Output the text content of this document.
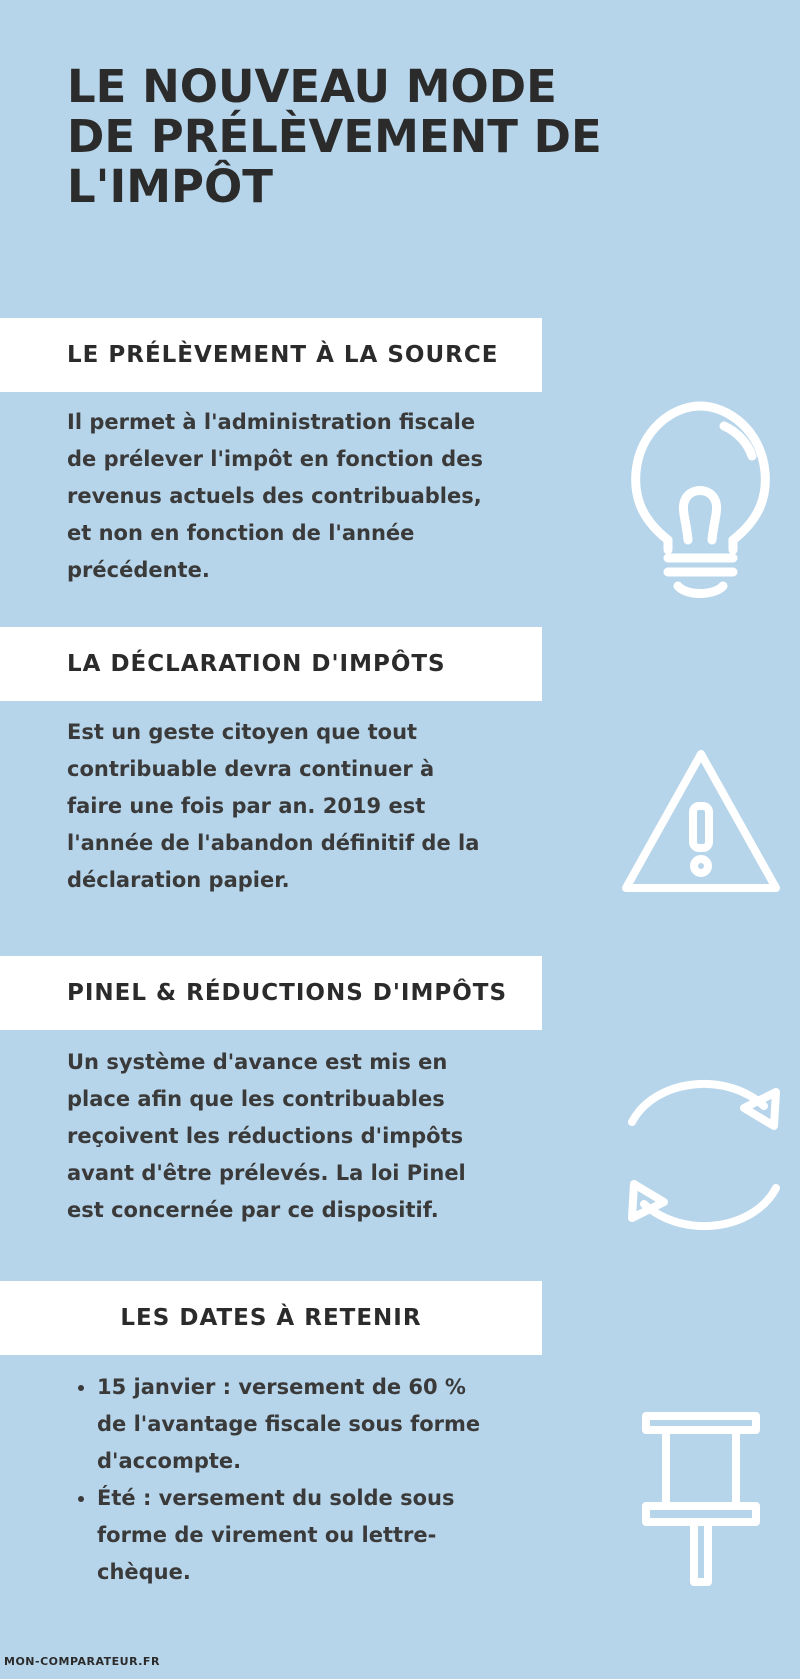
LE NOUVEAU MODE
DE PRÉLÈVEMENT DE
L'IMPÔT
LE PRÉLÈVEMENT À LA SOURCE
Il permet à l'administration fiscale
de prélever l'impôt en fonction des
revenus actuels des contribuables,
et non en fonction de l'année
précédente.
LA DÉCLARATION D'IMPÔTS
Est un geste citoyen que tout
contribuable devra continuer à
faire une fois par an. 2019 est
l'année de l'abandon définitif de la
déclaration papier.
PINEL & RÉDUCTIONS D'IMPÔTS
Un système d'avance est mis en
place afin que les contribuables
reçoivent les réductions d'impôts
avant d'être prélevés. La loi Pinel
est concernée par ce dispositif.
LES DATES À RETENIR
• 15 janvier : versement de 60 %
de l'avantage fiscale sous forme
d'accompte.
• Été : versement du solde sous
forme de virement ou lettre-
chèque.
MON-COMPARATEUR.FR
